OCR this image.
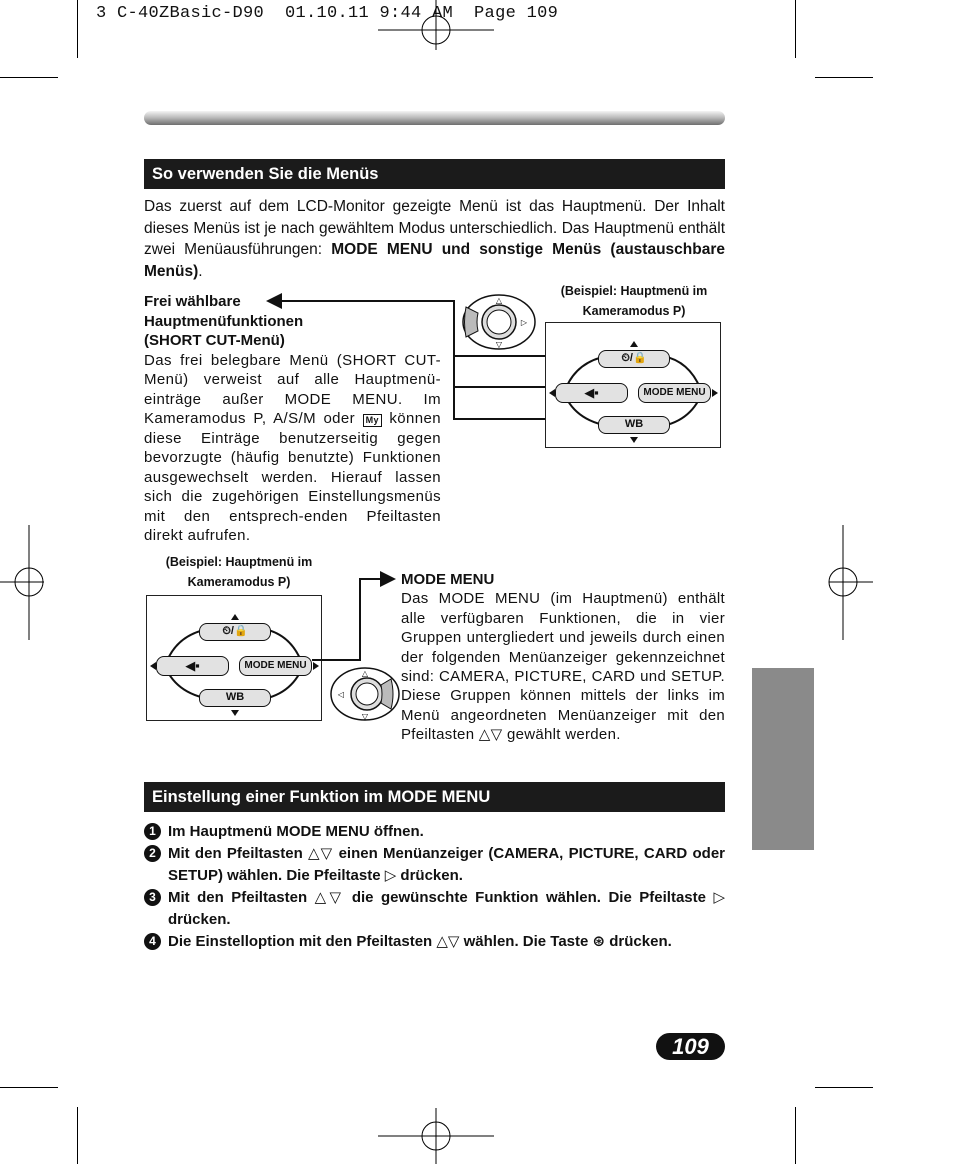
3 C-40ZBasic-D90  01.10.11 9:44 AM  Page 109
So verwenden Sie die Menüs
Das zuerst auf dem LCD-Monitor gezeigte Menü ist das Hauptmenü. Der Inhalt dieses Menüs ist je nach gewähltem Modus unterschiedlich. Das Hauptmenü enthält zwei Menüausführungen: MODE MENU und sonstige Menüs (austauschbare Menüs).
Frei wählbare
Hauptmenüfunktionen
(SHORT CUT-Menü)
Das frei belegbare Menü (SHORT CUT-Menü) verweist auf alle Hauptmenü-einträge außer MODE MENU. Im Kameramodus P, A/S/M oder My können diese Einträge benutzerseitig gegen bevorzugte (häufig benutzte) Funktionen ausgewechselt werden. Hierauf lassen sich die zugehörigen Einstellungsmenüs mit den entsprech-enden Pfeiltasten direkt aufrufen.
△
▽
▷
(Beispiel: Hauptmenü im
Kameramodus P)
⏲/🔒
◀▪	MODE MENU
WB
(Beispiel: Hauptmenü im
Kameramodus P)
⏲/🔒
◀▪	MODE MENU
WB
△
▽
◁
MODE MENU
Das MODE MENU (im Hauptmenü) enthält alle verfügbaren Funktionen, die in vier Gruppen untergliedert und jeweils durch einen der folgenden Menüanzeiger gekennzeichnet sind: CAMERA, PICTURE, CARD und SETUP. Diese Gruppen können mittels der links im Menü angeordneten Menüanzeiger mit den Pfeiltasten △▽ gewählt werden.
Einstellung einer Funktion im MODE MENU
1 Im Hauptmenü MODE MENU öffnen.
2 Mit den Pfeiltasten △▽ einen Menüanzeiger (CAMERA, PICTURE, CARD oder SETUP) wählen. Die Pfeiltaste ▷ drücken.
3 Mit den Pfeiltasten △▽ die gewünschte Funktion wählen. Die Pfeiltaste ▷ drücken.
4 Die Einstelloption mit den Pfeiltasten △▽ wählen. Die Taste ⊛ drücken.
109
